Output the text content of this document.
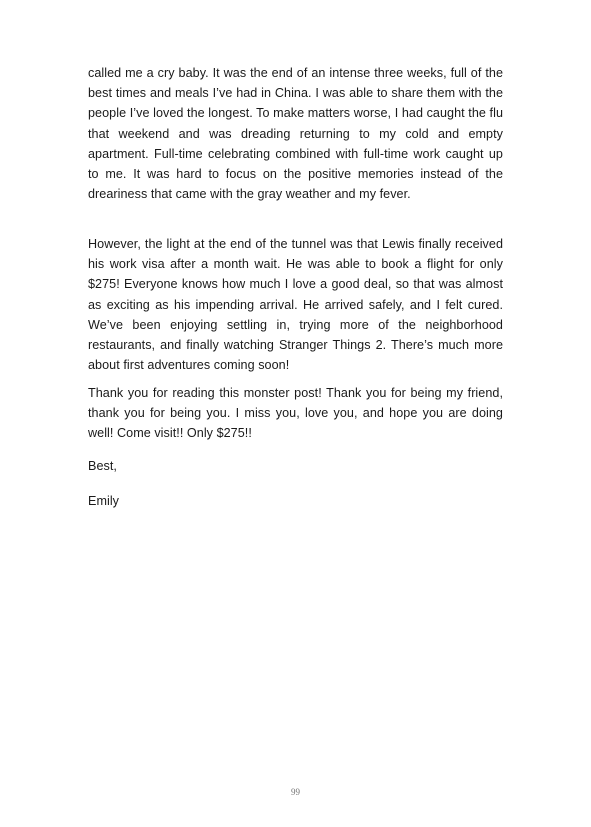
called me a cry baby. It was the end of an intense three weeks, full of the best times and meals I’ve had in China. I was able to share them with the people I’ve loved the longest. To make matters worse, I had caught the flu that weekend and was dreading returning to my cold and empty apartment. Full-time celebrating combined with full-time work caught up to me. It was hard to focus on the positive memories instead of the dreariness that came with the gray weather and my fever.

However, the light at the end of the tunnel was that Lewis finally received his work visa after a month wait. He was able to book a flight for only $275! Everyone knows how much I love a good deal, so that was almost as exciting as his impending arrival. He arrived safely, and I felt cured. We’ve been enjoying settling in, trying more of the neighborhood restaurants, and finally watching Stranger Things 2. There’s much more about first adventures coming soon!

Thank you for reading this monster post! Thank you for being my friend, thank you for being you. I miss you, love you, and hope you are doing well! Come visit!! Only $275!!

Best,

Emily

99
